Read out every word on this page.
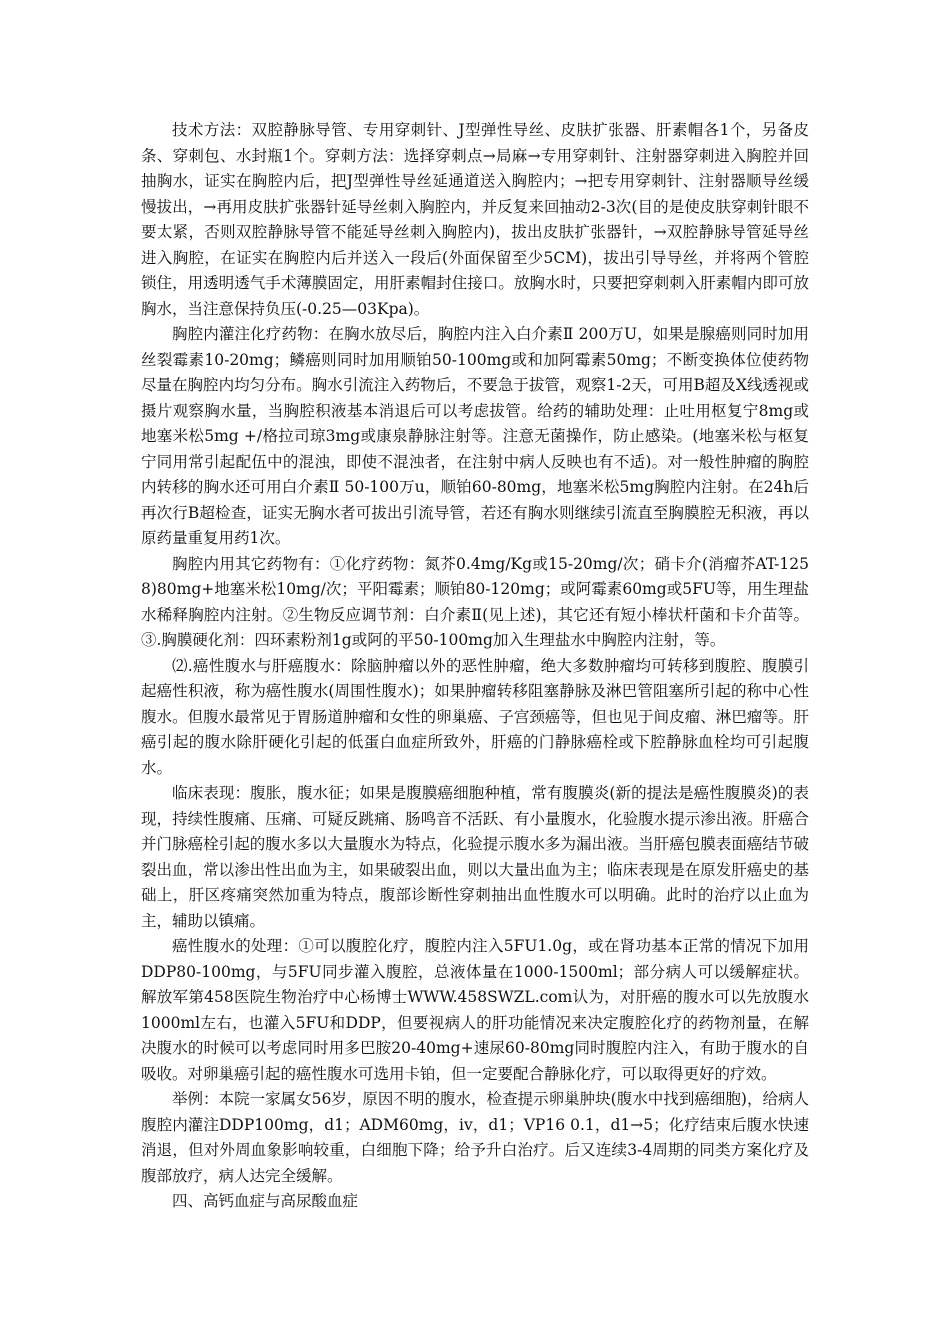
技术方法：双腔静脉导管、专用穿刺针、J型弹性导丝、皮肤扩张器、肝素帽各1个，另备皮条、穿刺包、水封瓶1个。穿刺方法：选择穿刺点→局麻→专用穿刺针、注射器穿刺进入胸腔并回抽胸水，证实在胸腔内后，把J型弹性导丝延通道送入胸腔内；→把专用穿刺针、注射器顺导丝缓慢拔出，→再用皮肤扩张器针延导丝刺入胸腔内，并反复来回抽动2-3次(目的是使皮肤穿刺针眼不要太紧，否则双腔静脉导管不能延导丝刺入胸腔内)，拔出皮肤扩张器针，→双腔静脉导管延导丝进入胸腔，在证实在胸腔内后并送入一段后(外面保留至少5CM)，拔出引导导丝，并将两个管腔锁住，用透明透气手术薄膜固定，用肝素帽封住接口。放胸水时，只要把穿刺刺入肝素帽内即可放胸水，当注意保持负压(-0.25—03Kpa)。

胸腔内灌注化疗药物：在胸水放尽后，胸腔内注入白介素Ⅱ 200万U，如果是腺癌则同时加用丝裂霉素10-20mg；鳞癌则同时加用顺铂50-100mg或和加阿霉素50mg；不断变换体位使药物尽量在胸腔内均匀分布。胸水引流注入药物后，不要急于拔管，观察1-2天，可用B超及X线透视或摄片观察胸水量，当胸腔积液基本消退后可以考虑拔管。给药的辅助处理：止吐用枢复宁8mg或地塞米松5mg +/格拉司琼3mg或康泉静脉注射等。注意无菌操作，防止感染。(地塞米松与枢复宁同用常引起配伍中的混浊，即使不混浊者，在注射中病人反映也有不适)。对一般性肿瘤的胸腔内转移的胸水还可用白介素Ⅱ 50-100万u，顺铂60-80mg，地塞米松5mg胸腔内注射。在24h后再次行B超检查，证实无胸水者可拔出引流导管，若还有胸水则继续引流直至胸膜腔无积液，再以原药量重复用药1次。

胸腔内用其它药物有：①化疗药物：氮芥0.4mg/Kg或15-20mg/次；硝卡介(消瘤芥AT-1258)80mg+地塞米松10mg/次；平阳霉素；顺铂80-120mg；或阿霉素60mg或5FU等，用生理盐水稀释胸腔内注射。②生物反应调节剂：白介素Ⅱ(见上述)，其它还有短小棒状杆菌和卡介苗等。③.胸膜硬化剂：四环素粉剂1g或阿的平50-100mg加入生理盐水中胸腔内注射，等。

⑵.癌性腹水与肝癌腹水：除脑肿瘤以外的恶性肿瘤，绝大多数肿瘤均可转移到腹腔、腹膜引起癌性积液，称为癌性腹水(周围性腹水)；如果肿瘤转移阻塞静脉及淋巴管阻塞所引起的称中心性腹水。但腹水最常见于胃肠道肿瘤和女性的卵巢癌、子宫颈癌等，但也见于间皮瘤、淋巴瘤等。肝癌引起的腹水除肝硬化引起的低蛋白血症所致外，肝癌的门静脉癌栓或下腔静脉血栓均可引起腹水。

临床表现：腹胀，腹水征；如果是腹膜癌细胞种植，常有腹膜炎(新的提法是癌性腹膜炎)的表现，持续性腹痛、压痛、可疑反跳痛、肠鸣音不活跃、有小量腹水，化验腹水提示渗出液。肝癌合并门脉癌栓引起的腹水多以大量腹水为特点，化验提示腹水多为漏出液。当肝癌包膜表面癌结节破裂出血，常以渗出性出血为主，如果破裂出血，则以大量出血为主；临床表现是在原发肝癌史的基础上，肝区疼痛突然加重为特点，腹部诊断性穿刺抽出血性腹水可以明确。此时的治疗以止血为主，辅助以镇痛。

癌性腹水的处理：①可以腹腔化疗，腹腔内注入5FU1.0g，或在肾功基本正常的情况下加用DDP80-100mg，与5FU同步灌入腹腔，总液体量在1000-1500ml；部分病人可以缓解症状。解放军第458医院生物治疗中心杨博士WWW.458SWZL.com认为，对肝癌的腹水可以先放腹水1000ml左右，也灌入5FU和DDP，但要视病人的肝功能情况来决定腹腔化疗的药物剂量，在解决腹水的时候可以考虑同时用多巴胺20-40mg+速尿60-80mg同时腹腔内注入，有助于腹水的自吸收。对卵巢癌引起的癌性腹水可选用卡铂，但一定要配合静脉化疗，可以取得更好的疗效。

举例：本院一家属女56岁，原因不明的腹水，检查提示卵巢肿块(腹水中找到癌细胞)，给病人腹腔内灌注DDP100mg，d1；ADM60mg，iv，d1；VP16 0.1，d1→5；化疗结束后腹水快速消退，但对外周血象影响较重，白细胞下降；给予升白治疗。后又连续3-4周期的同类方案化疗及腹部放疗，病人达完全缓解。

四、高钙血症与高尿酸血症
